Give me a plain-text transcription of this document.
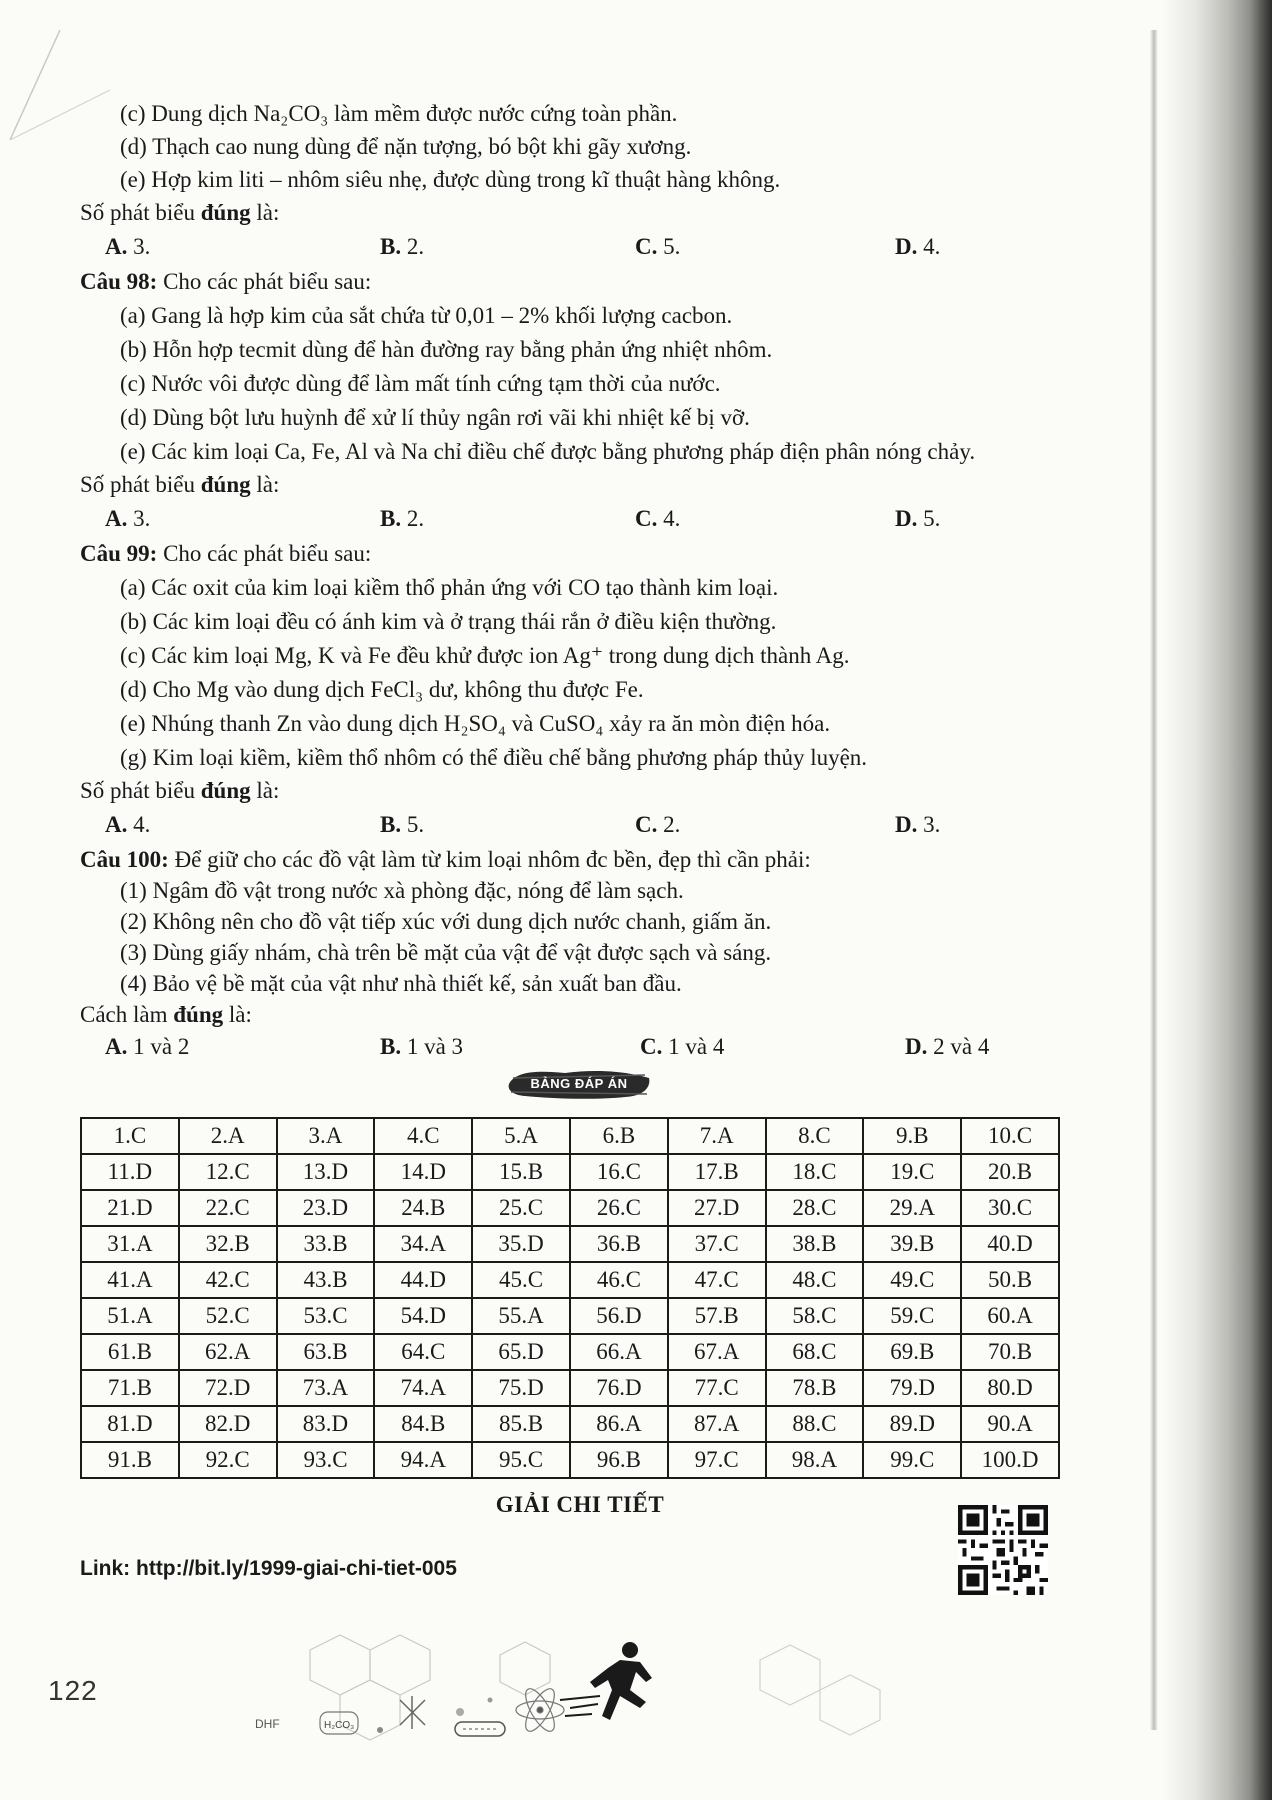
(c) Dung dịch Na₂CO₃ làm mềm được nước cứng toàn phần.
(d) Thạch cao nung dùng để nặn tượng, bó bột khi gãy xương.
(e) Hợp kim liti – nhôm siêu nhẹ, được dùng trong kĩ thuật hàng không.
Số phát biểu đúng là:
A. 3.	B. 2.	C. 5.	D. 4.
Câu 98: Cho các phát biểu sau:
(a) Gang là hợp kim của sắt chứa từ 0,01 – 2% khối lượng cacbon.
(b) Hỗn hợp tecmit dùng để hàn đường ray bằng phản ứng nhiệt nhôm.
(c) Nước vôi được dùng để làm mất tính cứng tạm thời của nước.
(d) Dùng bột lưu huỳnh để xử lí thủy ngân rơi vãi khi nhiệt kế bị vỡ.
(e) Các kim loại Ca, Fe, Al và Na chỉ điều chế được bằng phương pháp điện phân nóng chảy.
Số phát biểu đúng là:
A. 3.	B. 2.	C. 4.	D. 5.
Câu 99: Cho các phát biểu sau:
(a) Các oxit của kim loại kiềm thổ phản ứng với CO tạo thành kim loại.
(b) Các kim loại đều có ánh kim và ở trạng thái rắn ở điều kiện thường.
(c) Các kim loại Mg, K và Fe đều khử được ion Ag⁺ trong dung dịch thành Ag.
(d) Cho Mg vào dung dịch FeCl₃ dư, không thu được Fe.
(e) Nhúng thanh Zn vào dung dịch H₂SO₄ và CuSO₄ xảy ra ăn mòn điện hóa.
(g) Kim loại kiềm, kiềm thổ nhôm có thể điều chế bằng phương pháp thủy luyện.
Số phát biểu đúng là:
A. 4.	B. 5.	C. 2.	D. 3.
Câu 100: Để giữ cho các đồ vật làm từ kim loại nhôm đc bền, đẹp thì cần phải:
(1) Ngâm đồ vật trong nước xà phòng đặc, nóng để làm sạch.
(2) Không nên cho đồ vật tiếp xúc với dung dịch nước chanh, giấm ăn.
(3) Dùng giấy nhám, chà trên bề mặt của vật để vật được sạch và sáng.
(4) Bảo vệ bề mặt của vật như nhà thiết kế, sản xuất ban đầu.
Cách làm đúng là:
A. 1 và 2	B. 1 và 3	C. 1 và 4	D. 2 và 4
BẢNG ĐÁP ÁN
1.C	2.A	3.A	4.C	5.A	6.B	7.A	8.C	9.B	10.C
11.D	12.C	13.D	14.D	15.B	16.C	17.B	18.C	19.C	20.B
21.D	22.C	23.D	24.B	25.C	26.C	27.D	28.C	29.A	30.C
31.A	32.B	33.B	34.A	35.D	36.B	37.C	38.B	39.B	40.D
41.A	42.C	43.B	44.D	45.C	46.C	47.C	48.C	49.C	50.B
51.A	52.C	53.C	54.D	55.A	56.D	57.B	58.C	59.C	60.A
61.B	62.A	63.B	64.C	65.D	66.A	67.A	68.C	69.B	70.B
71.B	72.D	73.A	74.A	75.D	76.D	77.C	78.B	79.D	80.D
81.D	82.D	83.D	84.B	85.B	86.A	87.A	88.C	89.D	90.A
91.B	92.C	93.C	94.A	95.C	96.B	97.C	98.A	99.C	100.D
GIẢI CHI TIẾT
Link: http://bit.ly/1999-giai-chi-tiet-005
122
DHF	H₂CO₃
